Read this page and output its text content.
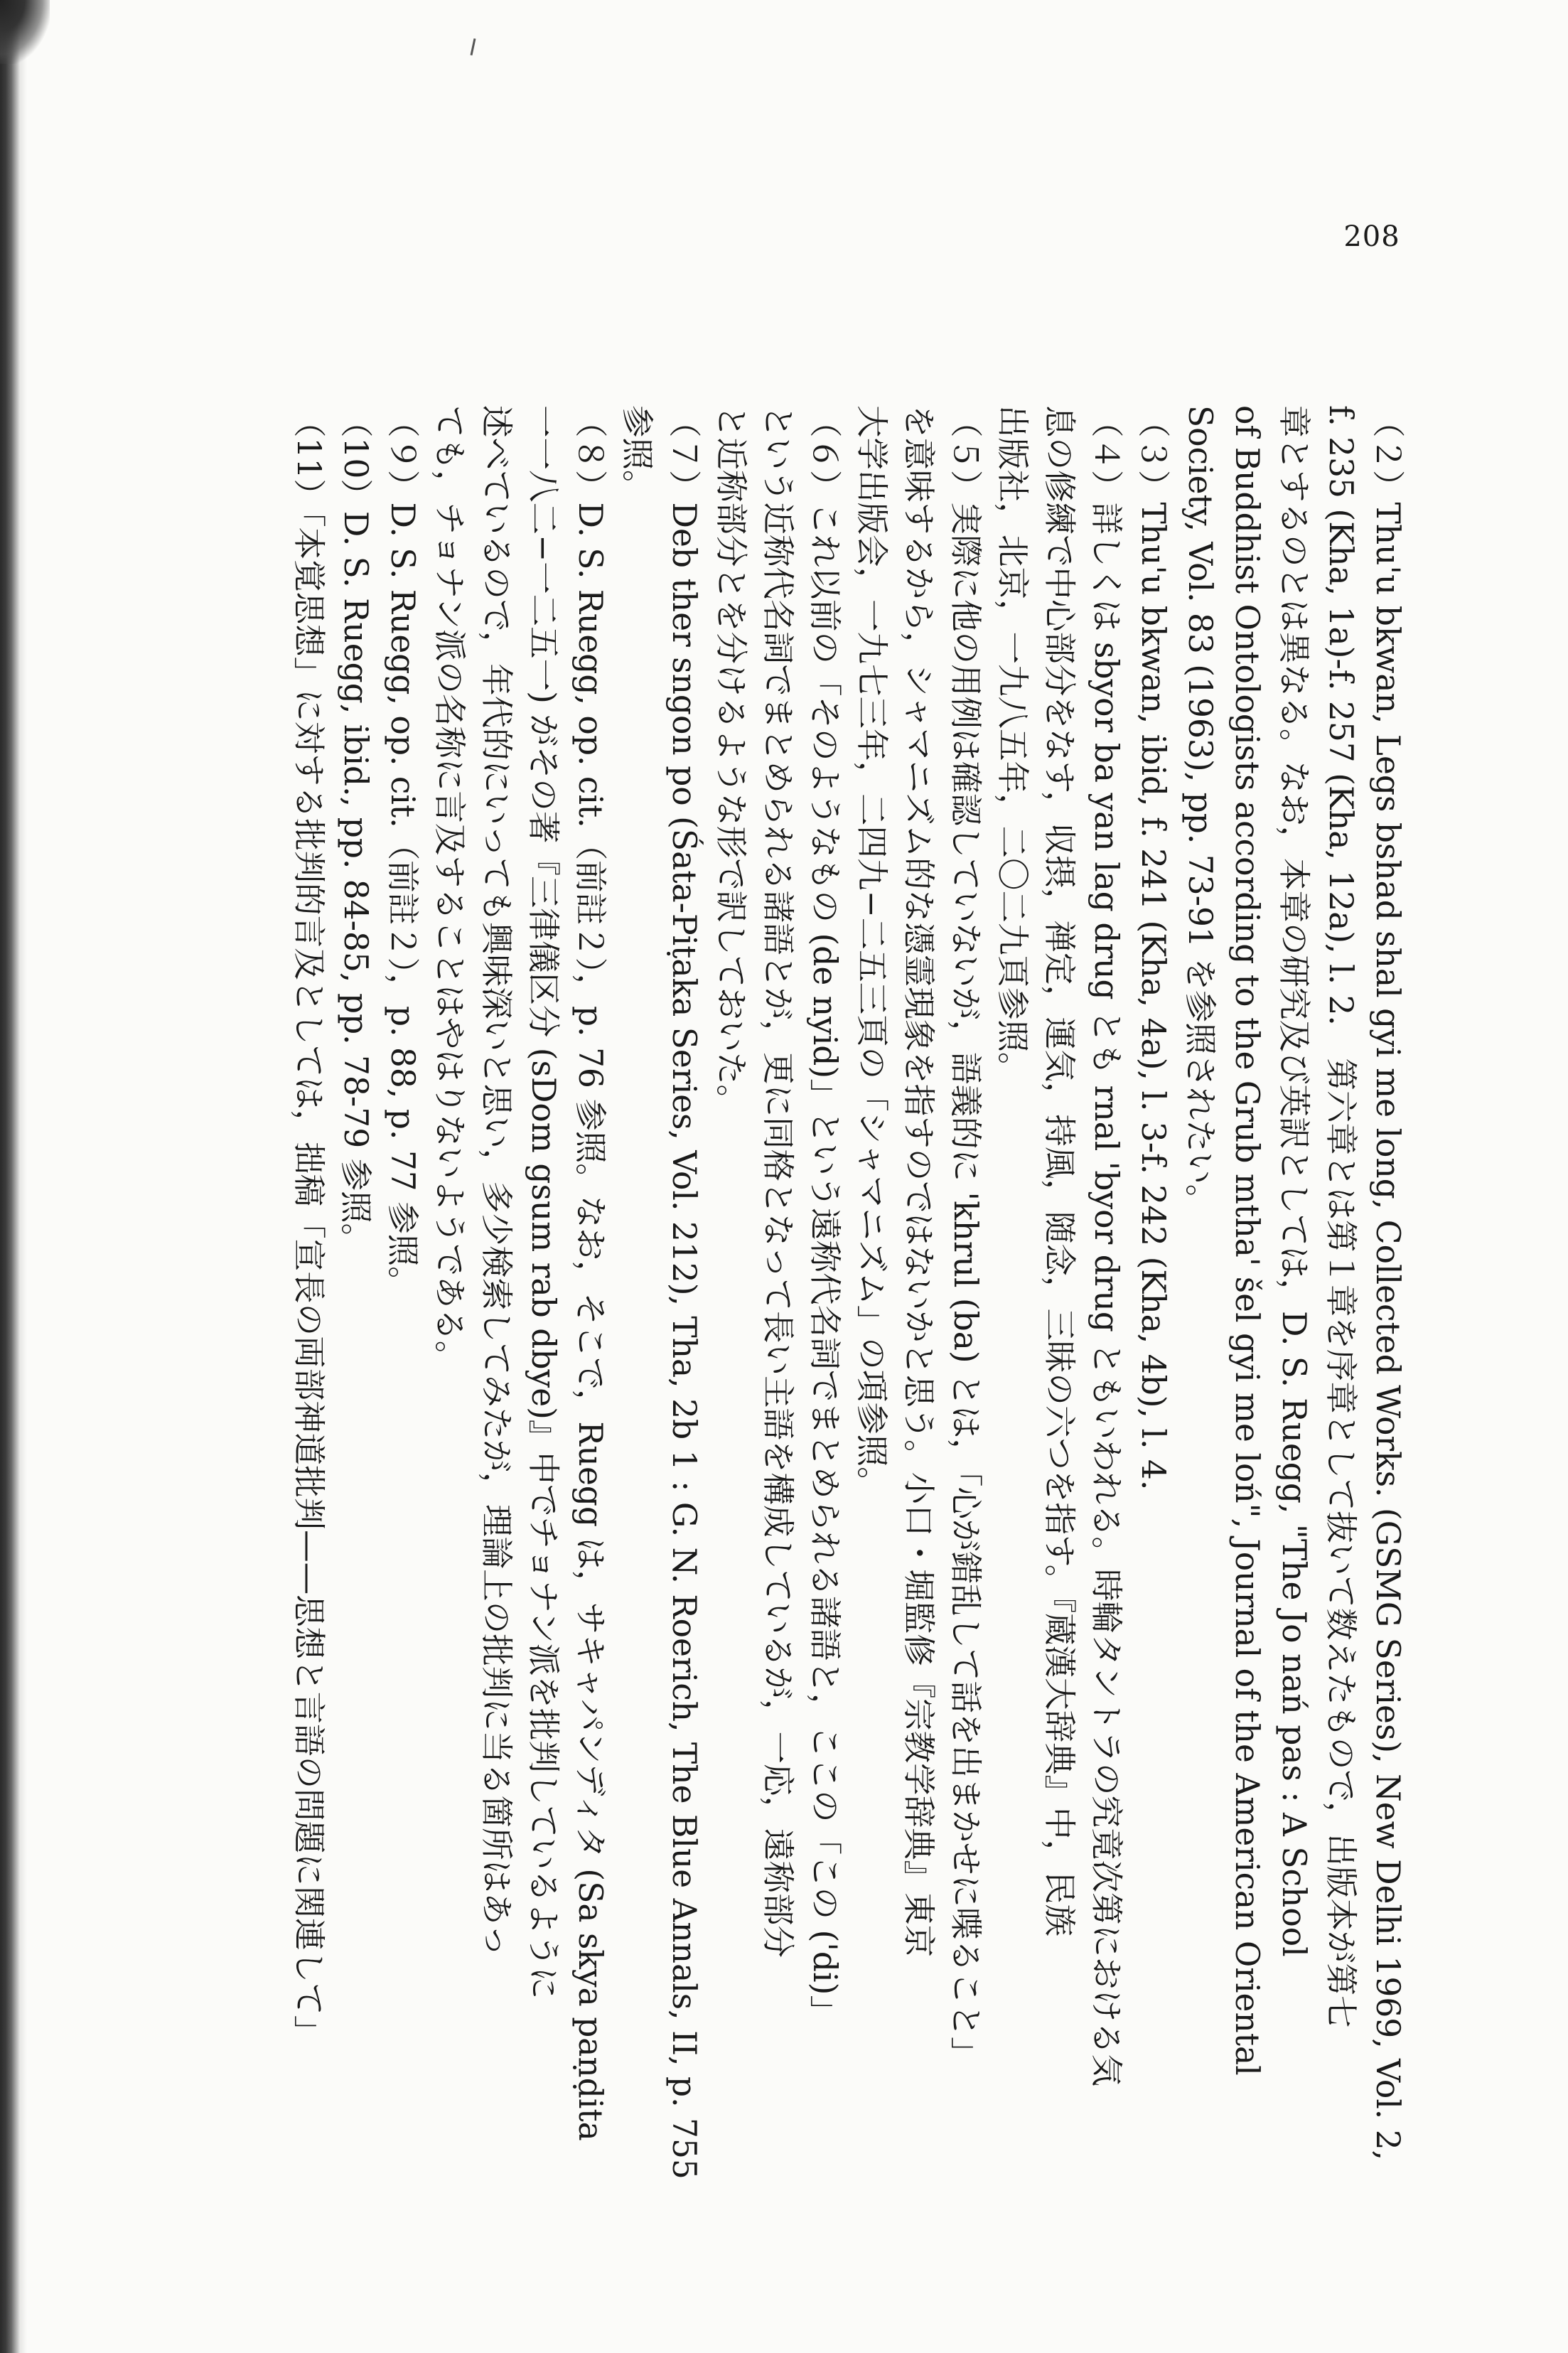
208
（２）Thu'u bkwan, Legs bshad shal gyi me long, Collected Works. (GSMG Series), New Delhi 1969, Vol. 2,
f. 235 (Kha, 1a)-f. 257 (Kha, 12a), l. 2.　第六章とは第１章を序章として抜いて数えたもので，出版本が第七
章とするのとは異なる。なお，本章の研究及び英訳としては，D. S. Ruegg, "The Jo nań pas : A School
of Buddhist Ontologists according to the Grub mtha' šel gyi me loń", Journal of the American Oriental
Society, Vol. 83 (1963), pp. 73-91 を参照されたい。
（３）Thu'u bkwan, ibid, f. 241 (Kha, 4a), l. 3-f. 242 (Kha, 4b), l. 4.
（４）詳しくは sbyor ba yan lag drug とも rnal 'byor drug ともいわれる。時輪タントラの究竟次第における気
息の修練で中心部分をなす，収摂，禅定，運気，持風，随念，三昧の六つを指す。『蔵漢大辞典』中，民族
出版社，北京，一九八五年，二〇二九頁参照。
（５）実際に他の用例は確認していないが，語義的に 'khrul (ba) とは，「心が錯乱して話を出まかせに喋ること」
を意味するから，シャマニズム的な憑霊現象を指すのではないかと思う。小口・堀監修『宗教学辞典』東京
大学出版会，一九七三年，二四九−二五三頁の「シャマニズム」の項参照。
（６）これ以前の「そのようなもの (de nyid)」という遠称代名詞でまとめられる諸語と，ここの「この ('di)」
という近称代名詞でまとめられる諸語とが，更に同格となって長い主語を構成しているが，一応，遠称部分
と近称部分とを分けるような形で訳しておいた。
（７）Deb ther sngon po (Śata-Piṭaka Series, Vol. 212), Tha, 2b 1 : G. N. Roerich, The Blue Annals, II, p. 755
参照。
（８）D. S. Ruegg, op. cit.（前註２），p. 76 参照。なお，そこで，Ruegg は，サキャパンディタ (Sa skya paṇḍita
一一八二−一二五一) がその著『三律儀区分 (sDom gsum rab dbye)』中でチョナン派を批判しているように
述べているので，年代的にいっても興味深いと思い，多少検索してみたが，理論上の批判に当る箇所はあっ
ても，チョナン派の名称に言及することはやはりないようである。
（９）D. S. Ruegg, op. cit.（前註２），p. 88, p. 77 参照。
（10）D. S. Ruegg, ibid., pp. 84-85, pp. 78-79 参照。
（11）「本覚思想」に対する批判的言及としては，拙稿「宣長の両部神道批判——思想と言語の問題に関連して」
